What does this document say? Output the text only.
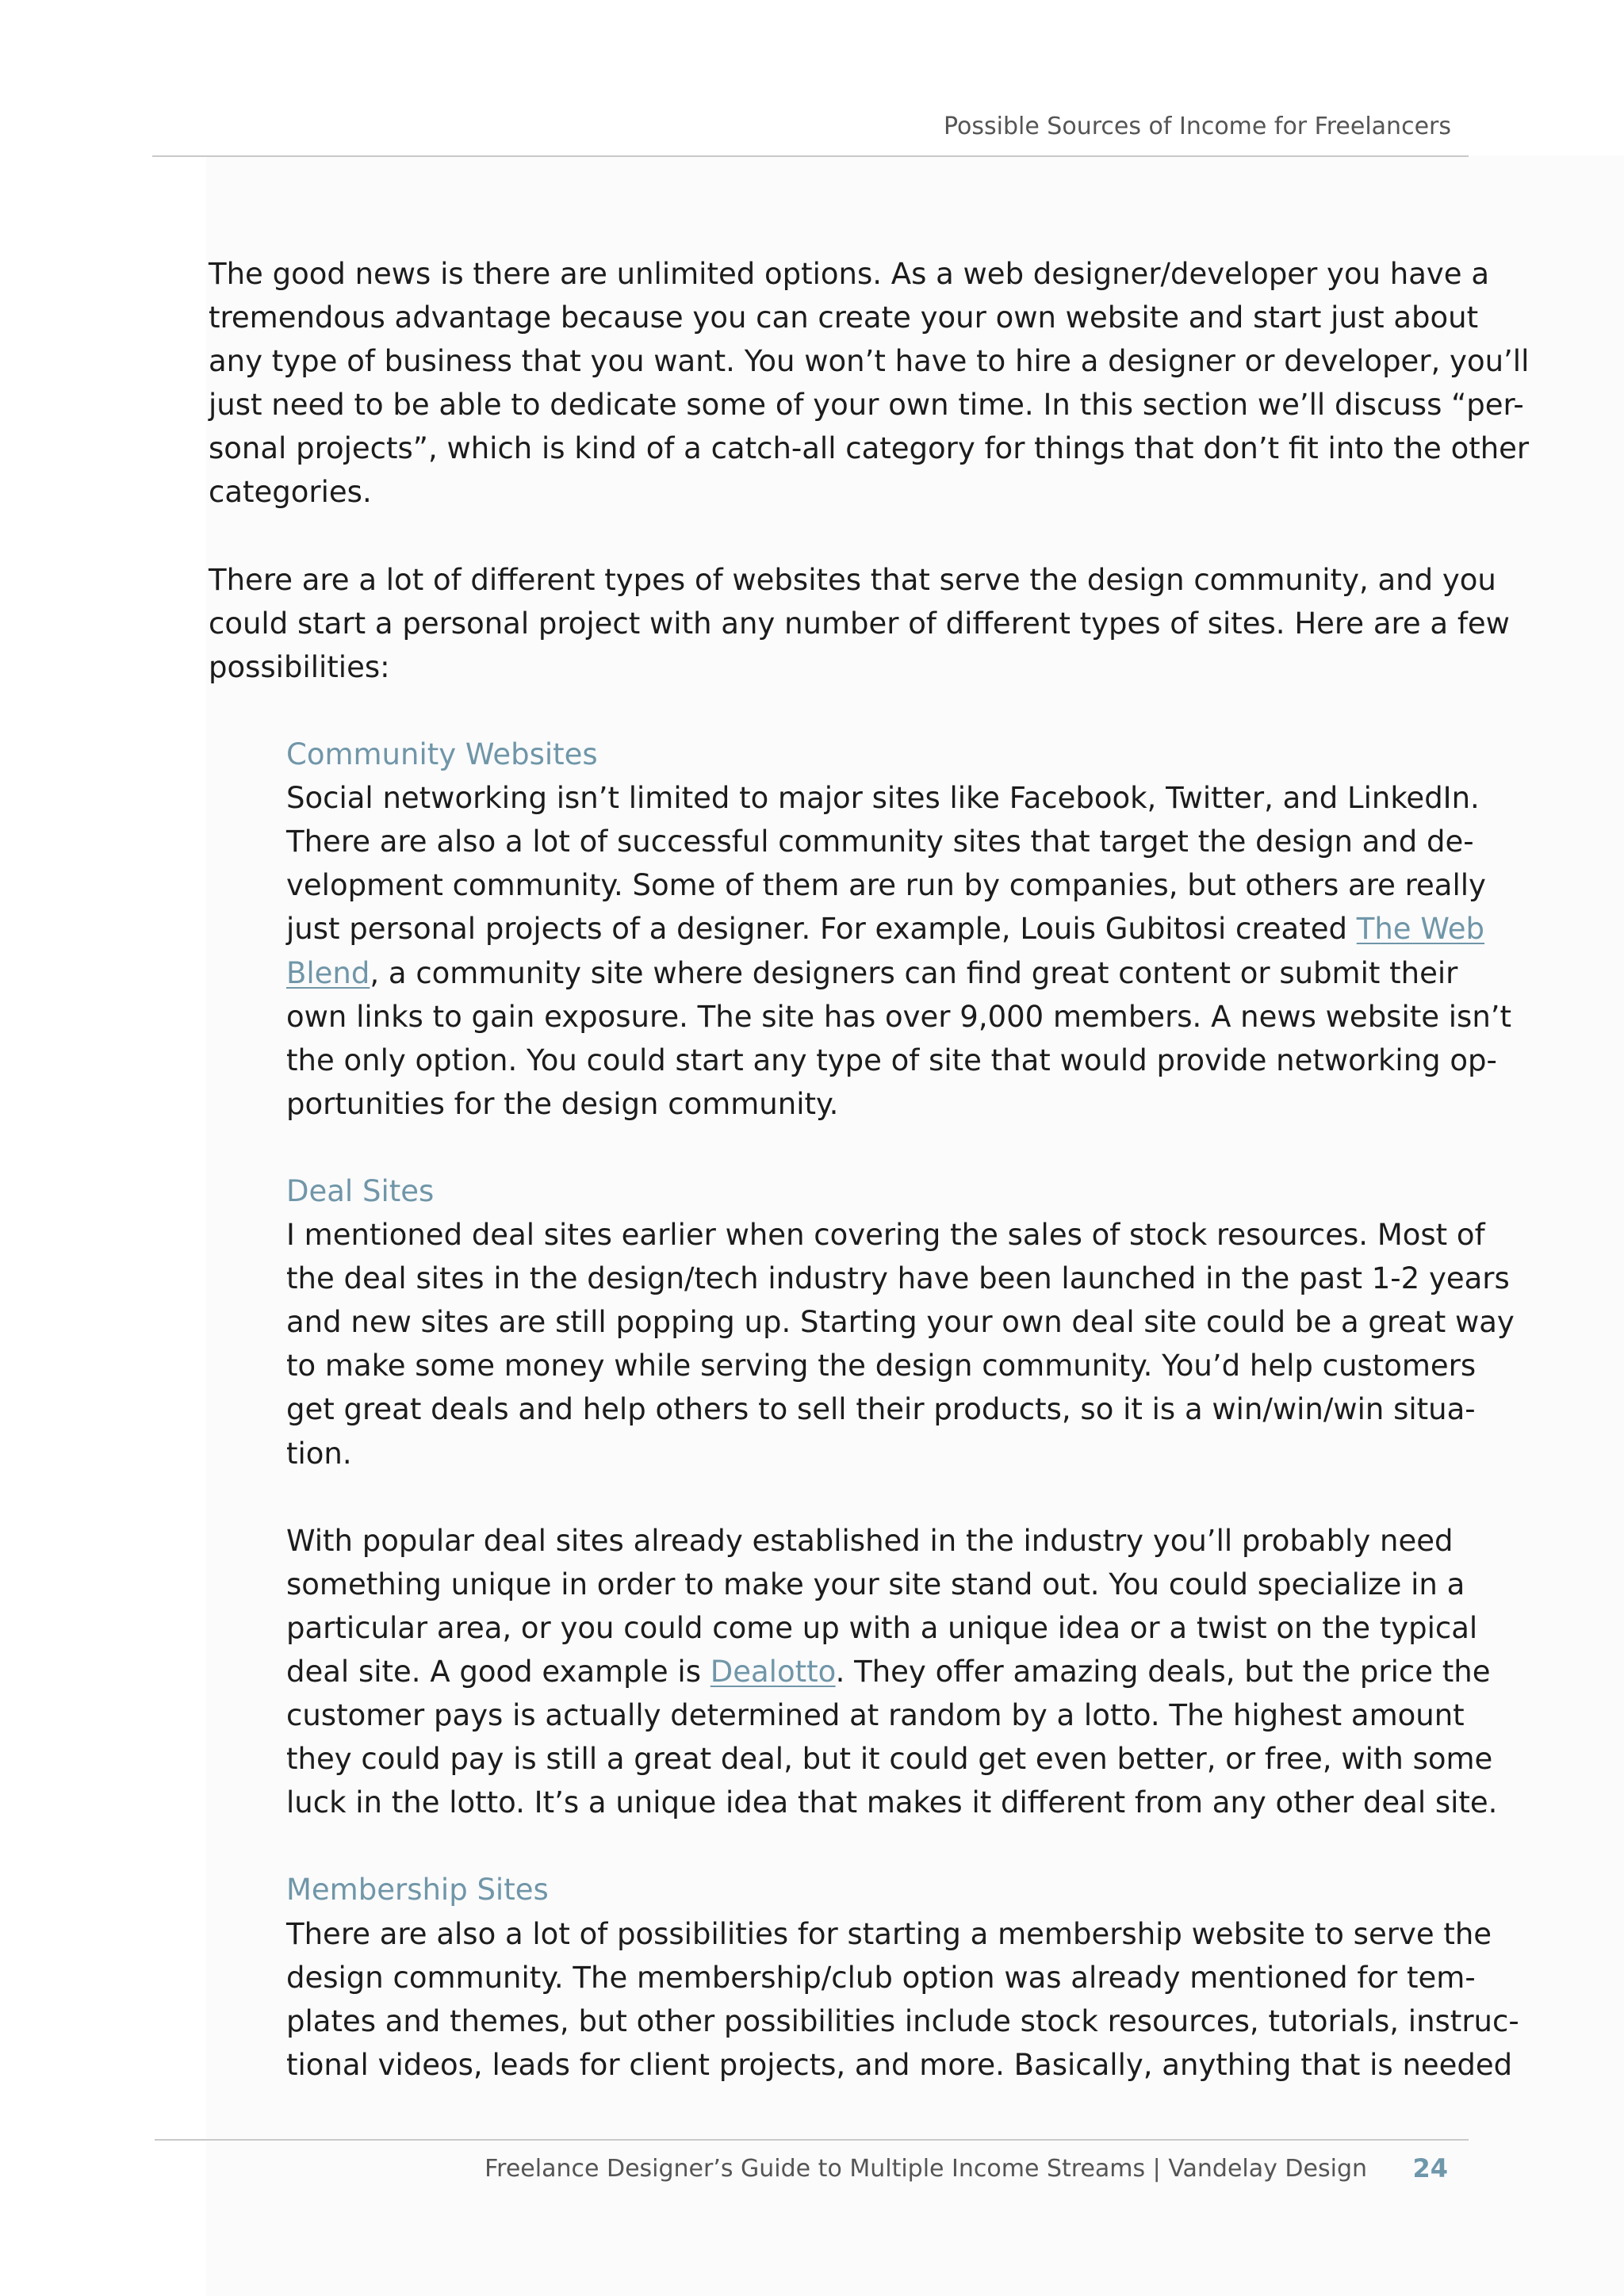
Possible Sources of Income for Freelancers
The good news is there are unlimited options. As a web designer/developer you have a
tremendous advantage because you can create your own website and start just about
any type of business that you want. You won’t have to hire a designer or developer, you’ll
just need to be able to dedicate some of your own time. In this section we’ll discuss “per-
sonal projects”, which is kind of a catch-all category for things that don’t fit into the other
categories.
There are a lot of different types of websites that serve the design community, and you
could start a personal project with any number of different types of sites. Here are a few
possibilities:
Community Websites
Social networking isn’t limited to major sites like Facebook, Twitter, and LinkedIn.
There are also a lot of successful community sites that target the design and de-
velopment community. Some of them are run by companies, but others are really
just personal projects of a designer. For example, Louis Gubitosi created The Web
Blend, a community site where designers can find great content or submit their
own links to gain exposure. The site has over 9,000 members. A news website isn’t
the only option. You could start any type of site that would provide networking op-
portunities for the design community.
Deal Sites
I mentioned deal sites earlier when covering the sales of stock resources. Most of
the deal sites in the design/tech industry have been launched in the past 1-2 years
and new sites are still popping up. Starting your own deal site could be a great way
to make some money while serving the design community. You’d help customers
get great deals and help others to sell their products, so it is a win/win/win situa-
tion.
With popular deal sites already established in the industry you’ll probably need
something unique in order to make your site stand out. You could specialize in a
particular area, or you could come up with a unique idea or a twist on the typical
deal site. A good example is Dealotto. They offer amazing deals, but the price the
customer pays is actually determined at random by a lotto. The highest amount
they could pay is still a great deal, but it could get even better, or free, with some
luck in the lotto. It’s a unique idea that makes it different from any other deal site.
Membership Sites
There are also a lot of possibilities for starting a membership website to serve the
design community. The membership/club option was already mentioned for tem-
plates and themes, but other possibilities include stock resources, tutorials, instruc-
tional videos, leads for client projects, and more. Basically, anything that is needed
Freelance Designer’s Guide to Multiple Income Streams | Vandelay Design 24
